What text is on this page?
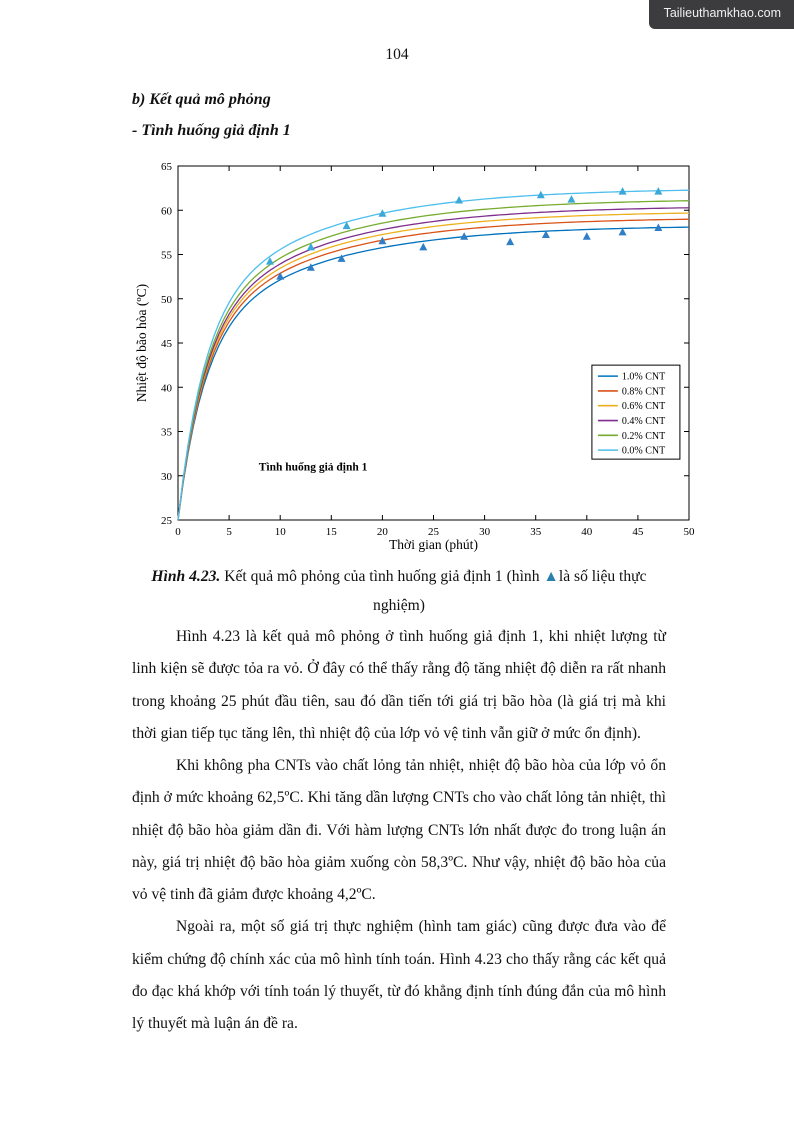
Tailieuthamkhao.com
104

b) Kết quả mô phỏng

- Tình huống giả định 1

0	5	10	15	20	25	30	35	40	45	50
25
30
35
40
45
50
55
60
65
Thời gian (phút)
Nhiệt độ bão hòa (ºC)
Tình huống giả định 1
1.0% CNT
0.8% CNT
0.6% CNT
0.4% CNT
0.2% CNT
0.0% CNT

Hình 4.23. Kết quả mô phỏng của tình huống giả định 1 (hình ▲là số liệu thực nghiệm)

Hình 4.23 là kết quả mô phỏng ở tình huống giả định 1, khi nhiệt lượng từ linh kiện sẽ được tỏa ra vỏ. Ở đây có thể thấy rằng độ tăng nhiệt độ diễn ra rất nhanh trong khoảng 25 phút đầu tiên, sau đó dần tiến tới giá trị bão hòa (là giá trị mà khi thời gian tiếp tục tăng lên, thì nhiệt độ của lớp vỏ vệ tinh vẫn giữ ở mức ổn định).

Khi không pha CNTs vào chất lỏng tản nhiệt, nhiệt độ bão hòa của lớp vỏ ổn định ở mức khoảng 62,5ºC. Khi tăng dần lượng CNTs cho vào chất lỏng tản nhiệt, thì nhiệt độ bão hòa giảm dần đi. Với hàm lượng CNTs lớn nhất được đo trong luận án này, giá trị nhiệt độ bão hòa giảm xuống còn 58,3ºC. Như vậy, nhiệt độ bão hòa của vỏ vệ tinh đã giảm được khoảng 4,2ºC.

Ngoài ra, một số giá trị thực nghiệm (hình tam giác) cũng được đưa vào để kiểm chứng độ chính xác của mô hình tính toán. Hình 4.23 cho thấy rằng các kết quả đo đạc khá khớp với tính toán lý thuyết, từ đó khẳng định tính đúng đắn của mô hình lý thuyết mà luận án đề ra.
